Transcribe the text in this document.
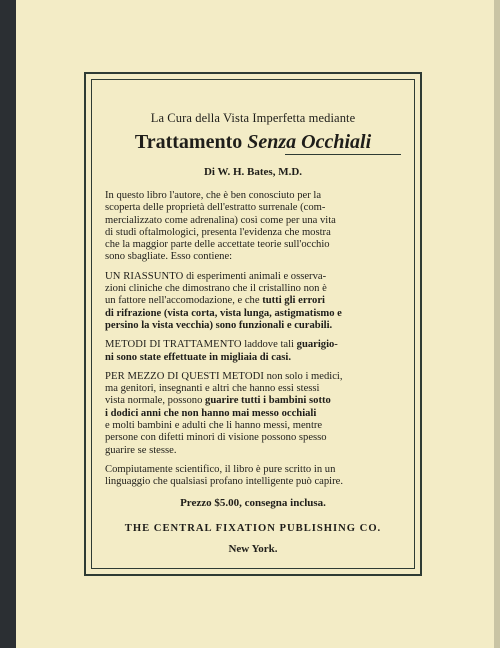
La Cura della Vista Imperfetta mediante
Trattamento Senza Occhiali
Di W. H. Bates, M.D.

In questo libro l'autore, che è ben conosciuto per la

scoperta delle proprietà dell'estratto surrenale (com-

mercializzato come adrenalina) così come per una vita

di studi oftalmologici, presenta l'evidenza che mostra

che la maggior parte delle accettate teorie sull'occhio

sono sbagliate. Esso contiene:

UN RIASSUNTO di esperimenti animali e osserva-

zioni cliniche che dimostrano che il cristallino non è

un fattore nell'accomodazione, e che tutti gli errori

di rifrazione (vista corta, vista lunga, astigmatismo e

persino la vista vecchia) sono funzionali e curabili.

METODI DI TRATTAMENTO laddove tali guarigio-

ni sono state effettuate in migliaia di casi.

PER MEZZO DI QUESTI METODI non solo i medici,

ma genitori, insegnanti e altri che hanno essi stessi

vista normale, possono guarire tutti i bambini sotto

i dodici anni che non hanno mai messo occhiali

e molti bambini e adulti che li hanno messi, mentre

persone con difetti minori di visione possono spesso

guarire se stesse.

Compiutamente scientifico, il libro è pure scritto in un

linguaggio che qualsiasi profano intelligente può capire.

Prezzo $5.00, consegna inclusa.
THE CENTRAL FIXATION PUBLISHING CO.
New York.
